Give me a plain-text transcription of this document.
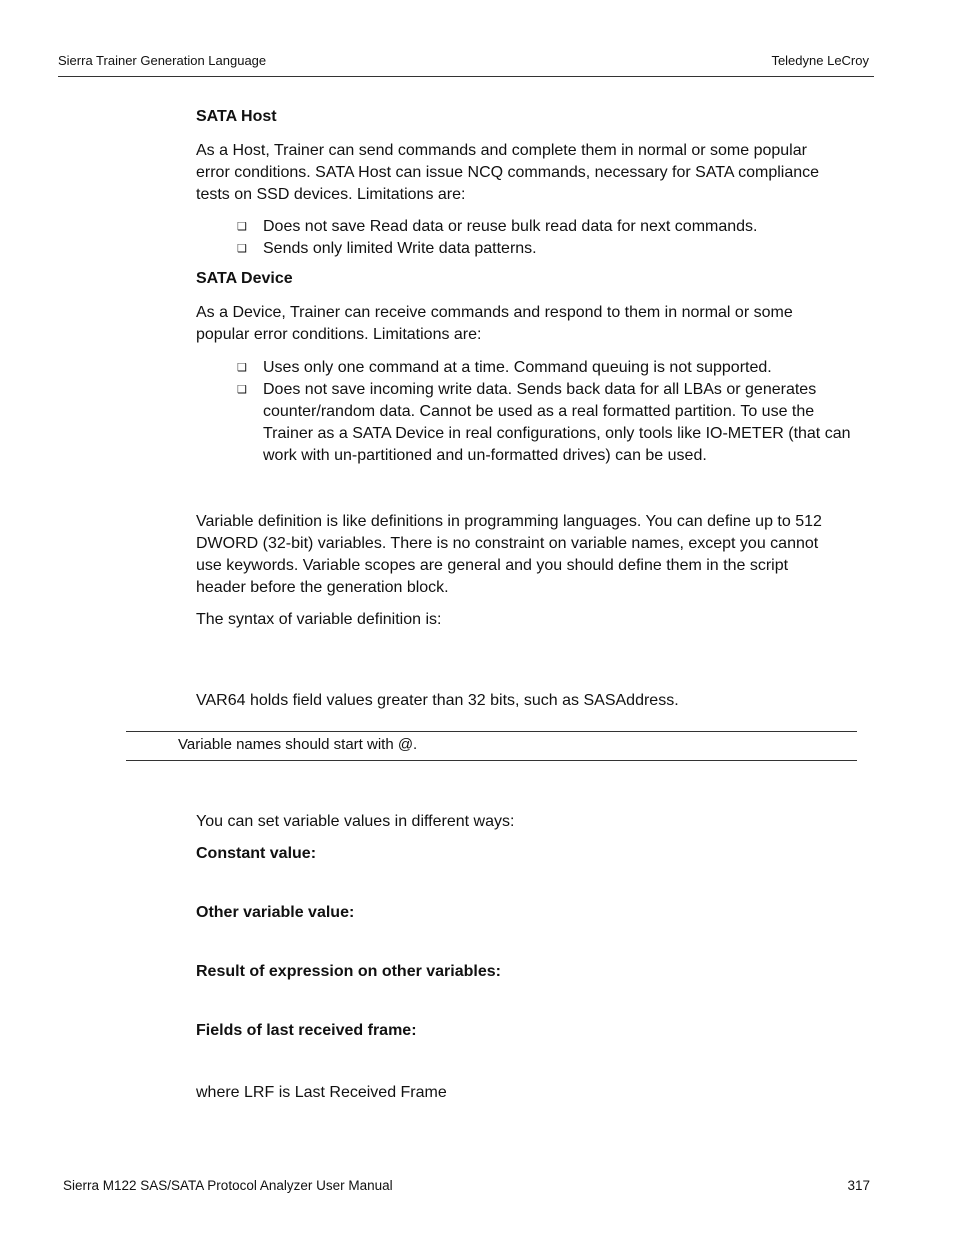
Sierra Trainer Generation Language	Teledyne LeCroy
SATA Host
As a Host, Trainer can send commands and complete them in normal or some popular
error conditions. SATA Host can issue NCQ commands, necessary for SATA compliance
tests on SSD devices. Limitations are:
❑ Does not save Read data or reuse bulk read data for next commands.
❑ Sends only limited Write data patterns.
SATA Device
As a Device, Trainer can receive commands and respond to them in normal or some
popular error conditions. Limitations are:
❑ Uses only one command at a time. Command queuing is not supported.
❑ Does not save incoming write data. Sends back data for all LBAs or generates
counter/random data. Cannot be used as a real formatted partition. To use the
Trainer as a SATA Device in real configurations, only tools like IO-METER (that can
work with un-partitioned and un-formatted drives) can be used.
Variable definition is like definitions in programming languages. You can define up to 512
DWORD (32-bit) variables. There is no constraint on variable names, except you cannot
use keywords. Variable scopes are general and you should define them in the script
header before the generation block.
The syntax of variable definition is:
VAR64 holds field values greater than 32 bits, such as SASAddress.
Variable names should start with @.
You can set variable values in different ways:
Constant value:
Other variable value:
Result of expression on other variables:
Fields of last received frame:
where LRF is Last Received Frame
Sierra M122 SAS/SATA Protocol Analyzer User Manual	317
